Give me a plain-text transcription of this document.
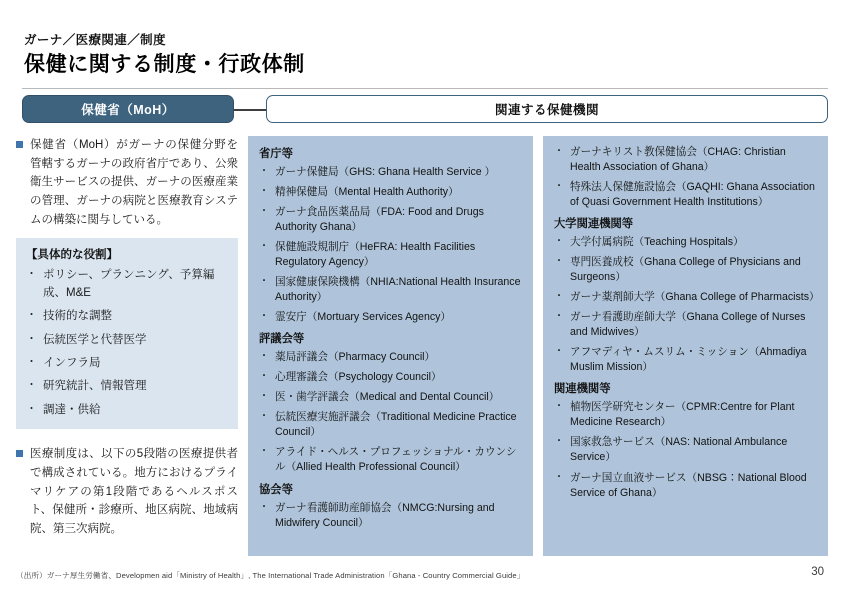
ガーナ／医療関連／制度
保健に関する制度・行政体制
保健省（MoH）	関連する保健機関
保健省（MoH）がガーナの保健分野を管轄するガーナの政府省庁であり、公衆衛生サービスの提供、ガーナの医療産業の管理、ガーナの病院と医療教育システムの構築に関与している。
【具体的な役割】
・ ポリシー、プランニング、予算編成、M&E
・ 技術的な調整
・ 伝統医学と代替医学
・ インフラ局
・ 研究統計、情報管理
・ 調達・供給
医療制度は、以下の5段階の医療提供者で構成されている。地方におけるプライマリケアの第1段階であるヘルスポスト、保健所・診療所、地区病院、地域病院、第三次病院。
省庁等
・ ガーナ保健局（GHS: Ghana Health Service ）
・ 精神保健局（Mental Health Authority）
・ ガーナ食品医薬品局（FDA: Food and Drugs Authority Ghana）
・ 保健施設規制庁（HeFRA: Health Facilities Regulatory Agency）
・ 国家健康保険機構（NHIA:National Health Insurance Authority）
・ 霊安庁（Mortuary Services Agency）
評議会等
・ 薬局評議会（Pharmacy Council）
・ 心理審議会（Psychology Council）
・ 医・歯学評議会（Medical and Dental Council）
・ 伝統医療実施評議会（Traditional Medicine Practice Council）
・ アライド・ヘルス・プロフェッショナル・カウンシル（Allied Health Professional Council）
協会等
・ ガーナ看護師助産師協会（NMCG:Nursing and Midwifery Council）
・ ガーナキリスト教保健協会（CHAG: Christian Health Association of Ghana）
・ 特殊法人保健施設協会（GAQHI: Ghana Association of Quasi Government Health Institutions）
大学関連機関等
・ 大学付属病院（Teaching Hospitals）
・ 専門医養成校（Ghana College of Physicians and Surgeons）
・ ガーナ薬剤師大学（Ghana College of Pharmacists）
・ ガーナ看護助産師大学（Ghana College of Nurses and Midwives）
・ アフマディヤ・ムスリム・ミッション（Ahmadiya Muslim Mission）
関連機関等
・ 植物医学研究センター（CPMR:Centre for Plant Medicine Research）
・ 国家救急サービス（NAS: National Ambulance Service）
・ ガーナ国立血液サービス（NBSG：National Blood Service of Ghana）
（出所）ガーナ厚生労働省、Developmen aid「Ministry of Health」, The International Trade Administration「Ghana - Country Commercial Guide」	30
